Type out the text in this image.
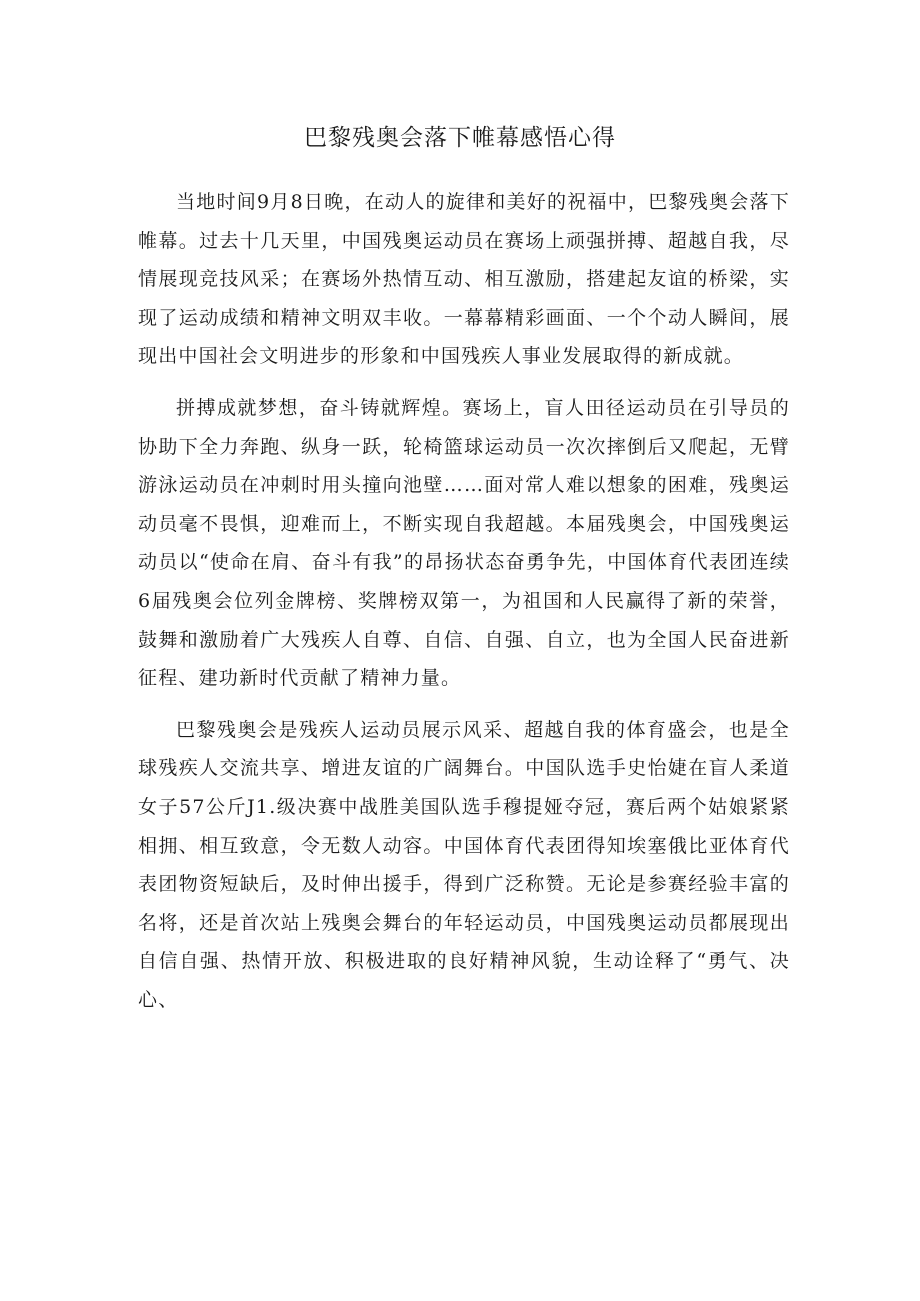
巴黎残奥会落下帷幕感悟心得

当地时间9月8日晚，在动人的旋律和美好的祝福中，巴黎残奥会落下帷幕。过去十几天里，中国残奥运动员在赛场上顽强拼搏、超越自我，尽情展现竞技风采；在赛场外热情互动、相互激励，搭建起友谊的桥梁，实现了运动成绩和精神文明双丰收。一幕幕精彩画面、一个个动人瞬间，展现出中国社会文明进步的形象和中国残疾人事业发展取得的新成就。

拼搏成就梦想，奋斗铸就辉煌。赛场上，盲人田径运动员在引导员的协助下全力奔跑、纵身一跃，轮椅篮球运动员一次次摔倒后又爬起，无臂游泳运动员在冲刺时用头撞向池壁……面对常人难以想象的困难，残奥运动员毫不畏惧，迎难而上，不断实现自我超越。本届残奥会，中国残奥运动员以“使命在肩、奋斗有我”的昂扬状态奋勇争先，中国体育代表团连续6届残奥会位列金牌榜、奖牌榜双第一，为祖国和人民赢得了新的荣誉，鼓舞和激励着广大残疾人自尊、自信、自强、自立，也为全国人民奋进新征程、建功新时代贡献了精神力量。

巴黎残奥会是残疾人运动员展示风采、超越自我的体育盛会，也是全球残疾人交流共享、增进友谊的广阔舞台。中国队选手史怡婕在盲人柔道女子57公斤J1.级决赛中战胜美国队选手穆提娅夺冠，赛后两个姑娘紧紧相拥、相互致意，令无数人动容。中国体育代表团得知埃塞俄比亚体育代表团物资短缺后，及时伸出援手，得到广泛称赞。无论是参赛经验丰富的名将，还是首次站上残奥会舞台的年轻运动员，中国残奥运动员都展现出自信自强、热情开放、积极进取的良好精神风貌，生动诠释了“勇气、决心、
